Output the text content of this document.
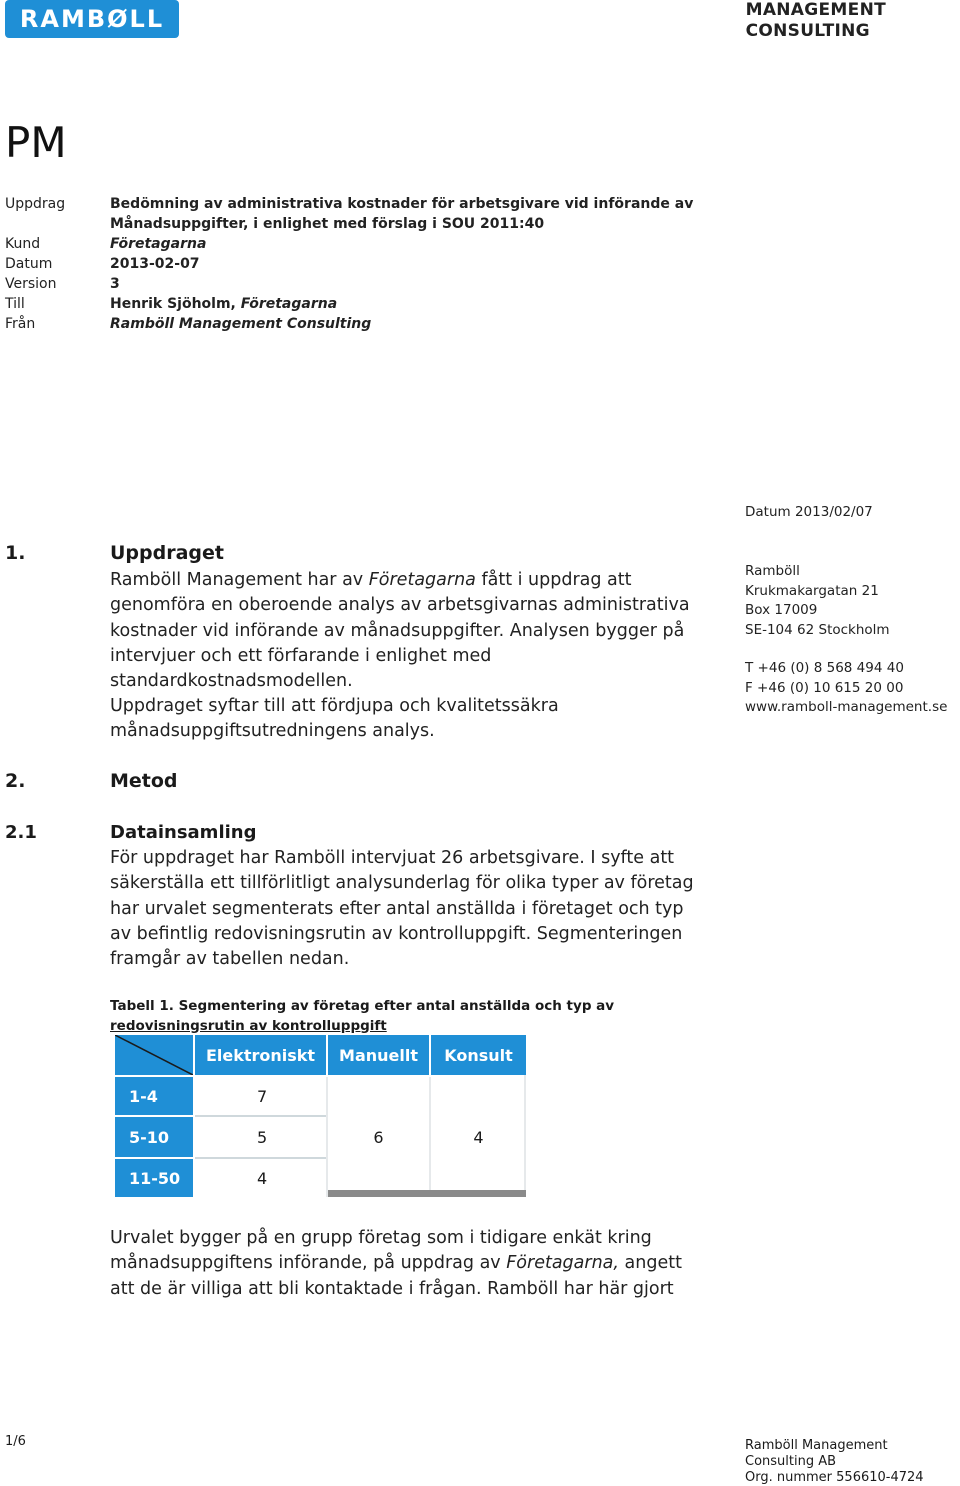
RAMBØLL	MANAGEMENT
CONSULTING
PM
Uppdrag	Bedömning av administrativa kostnader för arbetsgivare vid införande av
Månadsuppgifter, i enlighet med förslag i SOU 2011:40
Kund	Företagarna
Datum	2013-02-07
Version	3
Till	Henrik Sjöholm, Företagarna
Från	Ramböll Management Consulting
Datum 2013/02/07
Ramböll
Krukmakargatan 21
Box 17009
SE-104 62 Stockholm
T +46 (0) 8 568 494 40
F +46 (0) 10 615 20 00
www.ramboll-management.se
1.	Uppdraget
Ramböll Management har av Företagarna fått i uppdrag att genomföra en oberoende analys av arbetsgivarnas administrativa kostnader vid införande av månadsuppgifter. Analysen bygger på intervjuer och ett förfarande i enlighet med standardkostnadsmodellen.
Uppdraget syftar till att fördjupa och kvalitetssäkra månadsuppgiftsutredningens analys.
2.	Metod
2.1	Datainsamling
För uppdraget har Ramböll intervjuat 26 arbetsgivare. I syfte att säkerställa ett tillförlitligt analysunderlag för olika typer av företag har urvalet segmenterats efter antal anställda i företaget och typ av befintlig redovisningsrutin av kontrolluppgift. Segmenteringen framgår av tabellen nedan.
Tabell 1. Segmentering av företag efter antal anställda och typ av
redovisningsrutin av kontrolluppgift
Elektroniskt	Manuellt	Konsult
1-4	7
5-10	5	6	4
11-50	4
Urvalet bygger på en grupp företag som i tidigare enkät kring månadsuppgiftens införande, på uppdrag av Företagarna, angett att de är villiga att bli kontaktade i frågan. Ramböll har här gjort
1/6	Ramböll Management Consulting AB
Org. nummer 556610-4724
